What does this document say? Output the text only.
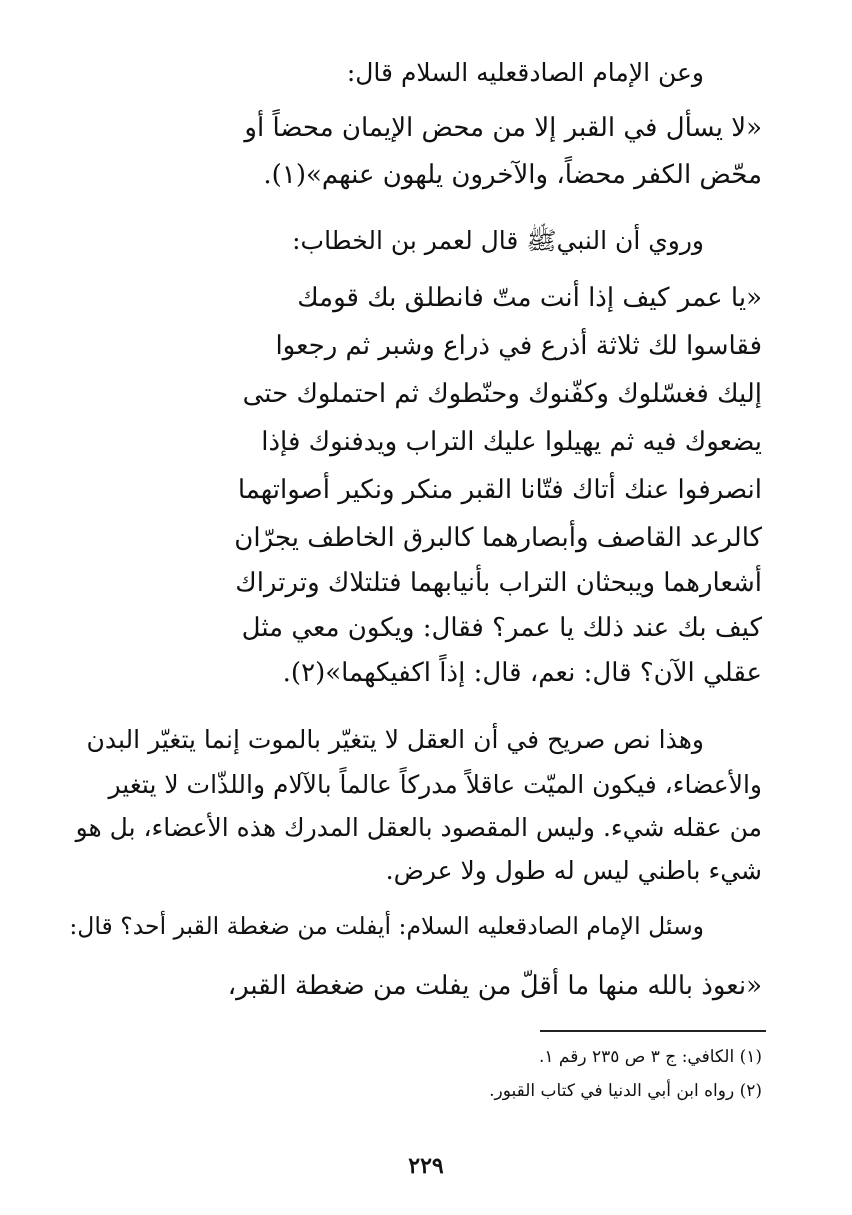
وعن الإمام الصادقعليه السلام قال:
«لا يسأل في القبر إلا من محض الإيمان محضاً أو
محّض الكفر محضاً، والآخرون يلهون عنهم»(١).
وروي أن النبيﷺ قال لعمر بن الخطاب:
«يا عمر كيف إذا أنت متّ فانطلق بك قومك
فقاسوا لك ثلاثة أذرع في ذراع وشبر ثم رجعوا
إليك فغسّلوك وكفّنوك وحنّطوك ثم احتملوك حتى
يضعوك فيه ثم يهيلوا عليك التراب ويدفنوك فإذا
انصرفوا عنك أتاك فتّانا القبر منكر ونكير أصواتهما
كالرعد القاصف وأبصارهما كالبرق الخاطف يجرّان
أشعارهما ويبحثان التراب بأنيابهما فتلتلاك وترتراك
كيف بك عند ذلك يا عمر؟ فقال: ويكون معي مثل
عقلي الآن؟ قال: نعم، قال: إذاً اكفيكهما»(٢).
وهذا نص صريح في أن العقل لا يتغيّر بالموت إنما يتغيّر البدن
والأعضاء، فيكون الميّت عاقلاً مدركاً عالماً بالآلام واللذّات لا يتغير
من عقله شيء. وليس المقصود بالعقل المدرك هذه الأعضاء، بل هو
شيء باطني ليس له طول ولا عرض.
وسئل الإمام الصادقعليه السلام: أيفلت من ضغطة القبر أحد؟ قال:
«نعوذ بالله منها ما أقلّ من يفلت من ضغطة القبر،
(١) الكافي: ج ٣ ص ٢٣٥ رقم ١.
(٢) رواه ابن أبي الدنيا في كتاب القبور.
٢٢٩
